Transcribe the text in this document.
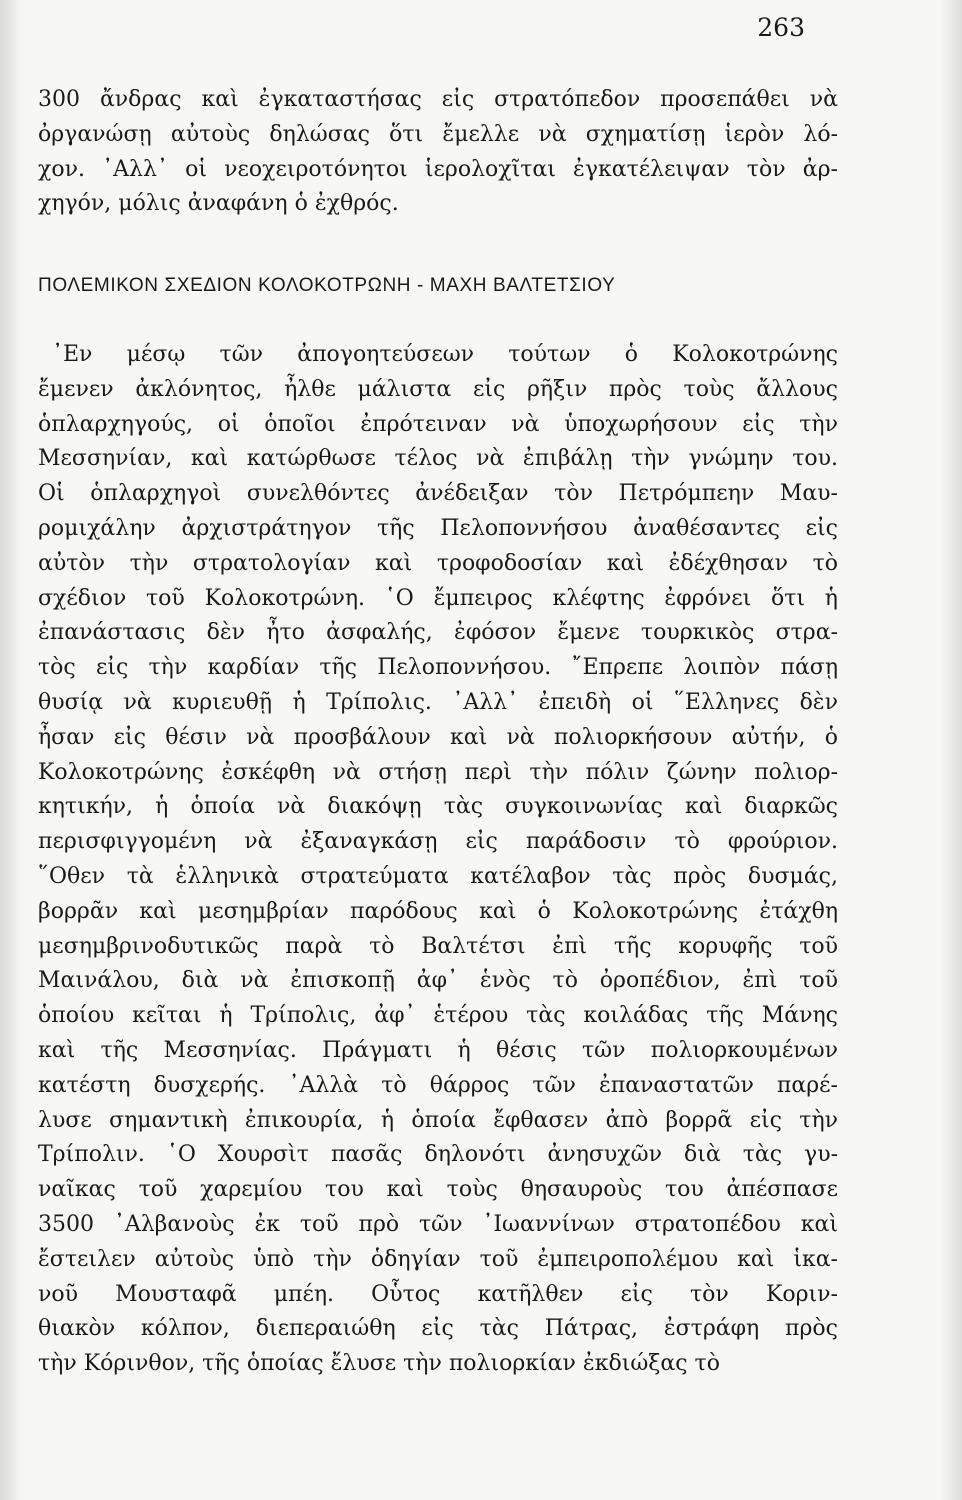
263
300 ἄνδρας καὶ ἐγκαταστήσας εἰς στρατόπεδον προσεπάθει νὰ
ὀργανώσῃ αὐτοὺς δηλώσας ὅτι ἔμελλε νὰ σχηματίσῃ ἱερὸν λό-
χον. ᾿Αλλ᾿ οἱ νεοχειροτόνητοι ἱερολοχῖται ἐγκατέλειψαν τὸν ἀρ-
χηγόν, μόλις ἀναφάνη ὁ ἐχθρός.
ΠΟΛΕΜΙΚΟΝ ΣΧΕΔΙΟΝ ΚΟΛΟΚΟΤΡΩΝΗ - ΜΑΧΗ ΒΑΛΤΕΤΣΙΟΥ
᾿Εν μέσῳ τῶν ἀπογοητεύσεων τούτων ὁ Κολοκοτρώνης
ἔμενεν ἀκλόνητος, ἦλθε μάλιστα εἰς ρῆξιν πρὸς τοὺς ἄλλους
ὁπλαρχηγούς, οἱ ὁποῖοι ἐπρότειναν νὰ ὑποχωρήσουν εἰς τὴν
Μεσσηνίαν, καὶ κατώρθωσε τέλος νὰ ἐπιβάλῃ τὴν γνώμην του.
Οἱ ὁπλαρχηγοὶ συνελθόντες ἀνέδειξαν τὸν Πετρόμπεην Μαυ-
ρομιχάλην ἀρχιστράτηγον τῆς Πελοποννήσου ἀναθέσαντες εἰς
αὐτὸν τὴν στρατολογίαν καὶ τροφοδοσίαν καὶ ἐδέχθησαν τὸ
σχέδιον τοῦ Κολοκοτρώνη. ῾Ο ἔμπειρος κλέφτης ἐφρόνει ὅτι ἡ
ἐπανάστασις δὲν ἦτο ἀσφαλής, ἐφόσον ἔμενε τουρκικὸς στρα-
τὸς εἰς τὴν καρδίαν τῆς Πελοποννήσου. ῎Επρεπε λοιπὸν πάσῃ
θυσίᾳ νὰ κυριευθῇ ἡ Τρίπολις. ᾿Αλλ᾿ ἐπειδὴ οἱ ῞Ελληνες δὲν
ἦσαν εἰς θέσιν νὰ προσβάλουν καὶ νὰ πολιορκήσουν αὐτήν, ὁ
Κολοκοτρώνης ἐσκέφθη νὰ στήσῃ περὶ τὴν πόλιν ζώνην πολιορ-
κητικήν, ἡ ὁποία νὰ διακόψῃ τὰς συγκοινωνίας καὶ διαρκῶς
περισφιγγομένη νὰ ἐξαναγκάσῃ εἰς παράδοσιν τὸ φρούριον.
῞Οθεν τὰ ἑλληνικὰ στρατεύματα κατέλαβον τὰς πρὸς δυσμάς,
βορρᾶν καὶ μεσημβρίαν παρόδους καὶ ὁ Κολοκοτρώνης ἐτάχθη
μεσημβρινοδυτικῶς παρὰ τὸ Βαλτέτσι ἐπὶ τῆς κορυφῆς τοῦ
Μαινάλου, διὰ νὰ ἐπισκοπῇ ἀφ᾿ ἑνὸς τὸ ὀροπέδιον, ἐπὶ τοῦ
ὁποίου κεῖται ἡ Τρίπολις, ἀφ᾿ ἑτέρου τὰς κοιλάδας τῆς Μάνης
καὶ τῆς Μεσσηνίας. Πράγματι ἡ θέσις τῶν πολιορκουμένων
κατέστη δυσχερής. ᾿Αλλὰ τὸ θάρρος τῶν ἐπαναστατῶν παρέ-
λυσε σημαντικὴ ἐπικουρία, ἡ ὁποία ἔφθασεν ἀπὸ βορρᾶ εἰς τὴν
Τρίπολιν. ῾Ο Χουρσὶτ πασᾶς δηλονότι ἀνησυχῶν διὰ τὰς γυ-
ναῖκας τοῦ χαρεμίου του καὶ τοὺς θησαυροὺς του ἀπέσπασε
3500 ᾿Αλβανοὺς ἐκ τοῦ πρὸ τῶν ᾿Ιωαννίνων στρατοπέδου καὶ
ἔστειλεν αὐτοὺς ὑπὸ τὴν ὁδηγίαν τοῦ ἐμπειροπολέμου καὶ ἱκα-
νοῦ Μουσταφᾶ μπέη. Οὗτος κατῆλθεν εἰς τὸν Κοριν-
θιακὸν κόλπον, διεπεραιώθη εἰς τὰς Πάτρας, ἐστράφη πρὸς
τὴν Κόρινθον, τῆς ὁποίας ἔλυσε τὴν πολιορκίαν ἐκδιώξας τὸ
